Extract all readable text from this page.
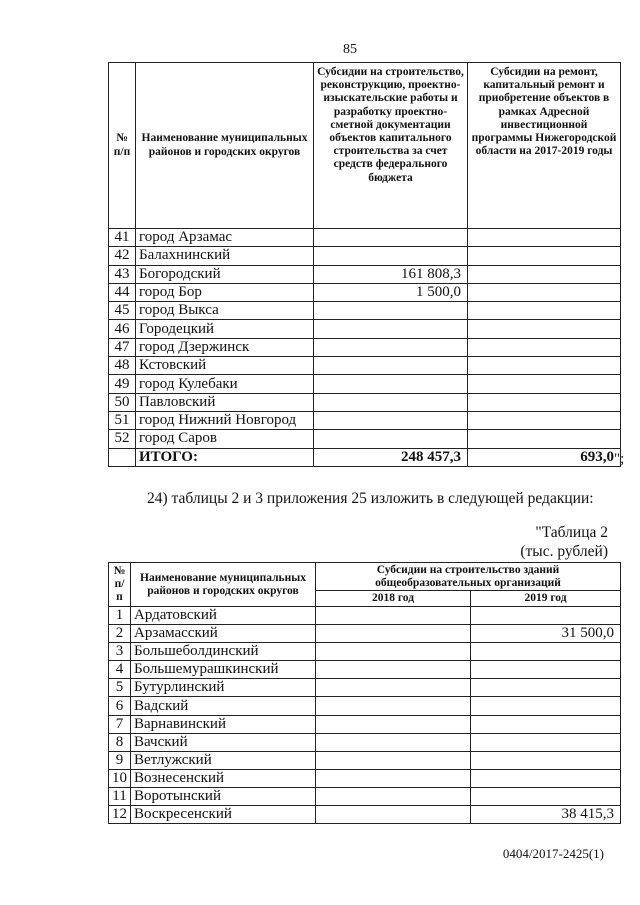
85
№ п/п	Наименование муниципальных районов и городских округов	Субсидии на строительство, реконструкцию, проектно-изыскательские работы и разработку проектно-сметной документации объектов капитального строительства за счет средств федерального бюджета	Субсидии на ремонт, капитальный ремонт и приобретение объектов в рамках Адресной инвестиционной программы Нижегородской области на 2017-2019 годы
41	город Арзамас		
42	Балахнинский		
43	Богородский	161 808,3	
44	город Бор	1 500,0	
45	город Выкса		
46	Городецкий		
47	город Дзержинск		
48	Кстовский		
49	город Кулебаки		
50	Павловский		
51	город Нижний Новгород		
52	город Саров		
	ИТОГО:	248 457,3	693,0 ";
24) таблицы 2 и 3 приложения 25 изложить в следующей редакции:
"Таблица 2
(тыс. рублей)
№ п/п	Наименование муниципальных районов и городских округов	Субсидии на строительство зданий общеобразовательных организаций	
		2018 год	2019 год
1	Ардатовский		
2	Арзамасский		31 500,0
3	Большеболдинский		
4	Большемурашкинский		
5	Бутурлинский		
6	Вадский		
7	Варнавинский		
8	Вачский		
9	Ветлужский		
10	Вознесенский		
11	Воротынский		
12	Воскресенский		38 415,3
0404/2017-2425(1)
